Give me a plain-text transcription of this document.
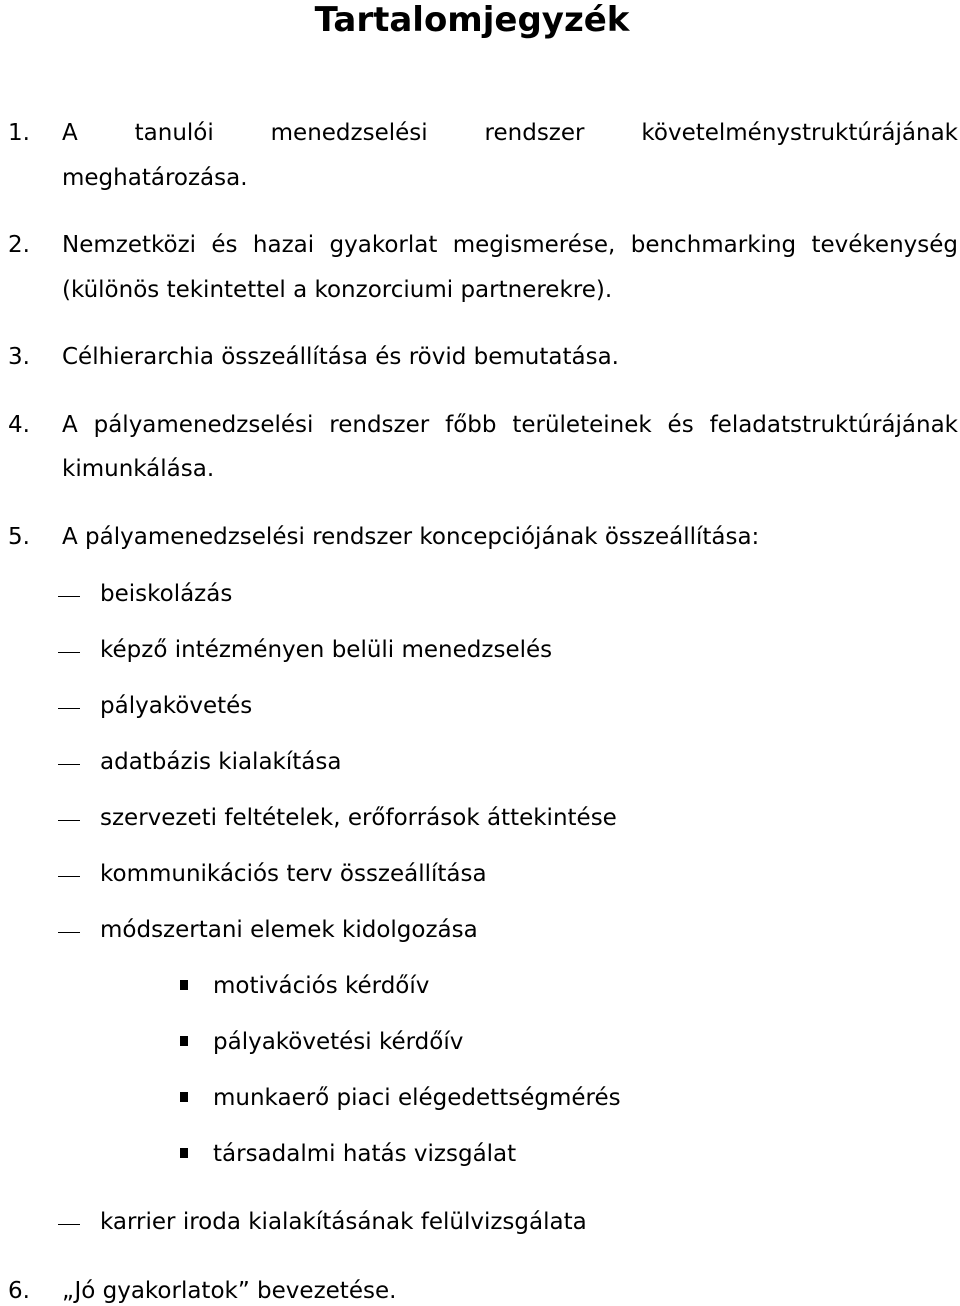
Tartalomjegyzék
1. A tanulói menedzselési rendszer követelménystruktúrájának
meghatározása.
2. Nemzetközi és hazai gyakorlat megismerése, benchmarking tevékenység
(különös tekintettel a konzorciumi partnerekre).
3. Célhierarchia összeállítása és rövid bemutatása.
4. A pályamenedzselési rendszer főbb területeinek és feladatstruktúrájának
kimunkálása.
5. A pályamenedzselési rendszer koncepciójának összeállítása:
beiskolázás
képző intézményen belüli menedzselés
pályakövetés
adatbázis kialakítása
szervezeti feltételek, erőforrások áttekintése
kommunikációs terv összeállítása
módszertani elemek kidolgozása
motivációs kérdőív
pályakövetési kérdőív
munkaerő piaci elégedettségmérés
társadalmi hatás vizsgálat
karrier iroda kialakításának felülvizsgálata
6. „Jó gyakorlatok” bevezetése.
